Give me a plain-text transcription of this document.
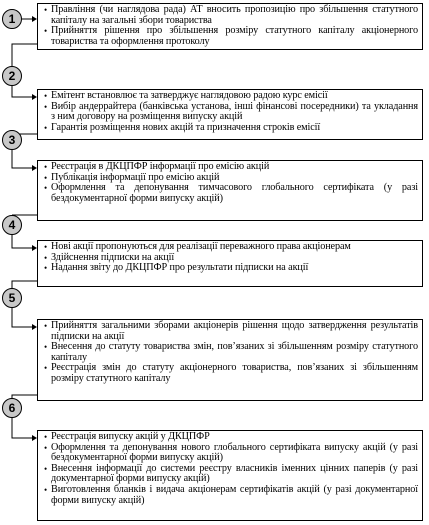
• Правління (чи наглядова рада) АТ вносить пропозицію про збільшення статутного капіталу на загальні збори товариства
• Прийняття рішення про збільшення розміру статутного капіталу акціонерного товариства та оформлення протоколу
1
• Емітент встановлює та затверджує наглядовою радою курс емісії
• Вибір андеррайтера (банківська установа, інші фінансові посередники) та укладання з ним договору на розміщення випуску акцій
• Гарантія розміщення нових акцій та призначення строків емісії
2
• Реєстрація в ДКЦПФР інформації про емісію акцій
• Публікація інформації про емісію акцій
• Оформлення та депонування тимчасового глобального сертифіката (у разі бездокументарної форми випуску акцій)
3
• Нові акції пропонуються для реалізації переважного права акціонерам
• Здійснення підписки на акції
• Надання звіту до ДКЦПФР про результати підписки на акції
4
• Прийняття загальними зборами акціонерів рішення щодо затвердження результатів підписки на акції
• Внесення до статуту товариства змін, пов’язаних зі збільшенням розміру статутного капіталу
• Реєстрація змін до статуту акціонерного товариства, пов’язаних зі збільшенням розміру статутного капіталу
5
• Реєстрація випуску акцій у ДКЦПФР
• Оформлення та депонування нового глобального сертифіката випуску акцій (у разі бездокументарної форми випуску акцій)
• Внесення інформації до системи реєстру власників іменних цінних паперів (у разі документарної форми випуску акцій)
• Виготовлення бланків і видача акціонерам сертифікатів акцій (у разі документарної форми випуску акцій)
6
